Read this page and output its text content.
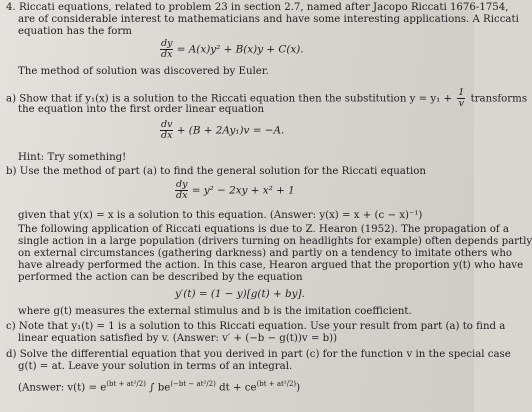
4. Riccati equations, related to problem 23 in section 2.7, named after Jacopo Riccati 1676-1754,
are of considerable interest to mathematicians and have some interesting applications. A Riccati
equation has the form
$\frac{dy}{dx} = A(x)y^2 + B(x)y + C(x)$.
The method of solution was discovered by Euler.
a) Show that if y₁(x) is a solution to the Riccati equation then the substitution $y = y_1 + \frac{1}{v}$ transforms
the equation into the first order linear equation
$\frac{dv}{dx} + (B + 2Ay_1)v = -A$.
Hint: Try something!
b) Use the method of part (a) to find the general solution for the Riccati equation
$\frac{dy}{dx} = y^2 - 2xy + x^2 + 1$
given that y(x) = x is a solution to this equation. (Answer: y(x) = x + (c − x)⁻¹)
The following application of Riccati equations is due to Z. Hearon (1952). The propagation of a
single action in a large population (drivers turning on headlights for example) often depends partly
on external circumstances (gathering darkness) and partly on a tendency to imitate others who
have already performed the action. In this case, Hearon argued that the proportion y(t) who have
performed the action can be described by the equation
y′(t) = (1 − y)[g(t) + by].
where g(t) measures the external stimulus and b is the imitation coefficient.
c) Note that y₁(t) = 1 is a solution to this Riccati equation. Use your result from part (a) to find a
linear equation satisfied by v. (Answer: v′ + (−b − g(t))v = b))
d) Solve the differential equation that you derived in part (c) for the function v in the special case
g(t) = at. Leave your solution in terms of an integral.
(Answer: $v(t) = e^{(bt + at^2/2)}$ ∫ $be^{(-bt - at^2/2)}$ dt + $ce^{(bt + at^2/2)}$)
